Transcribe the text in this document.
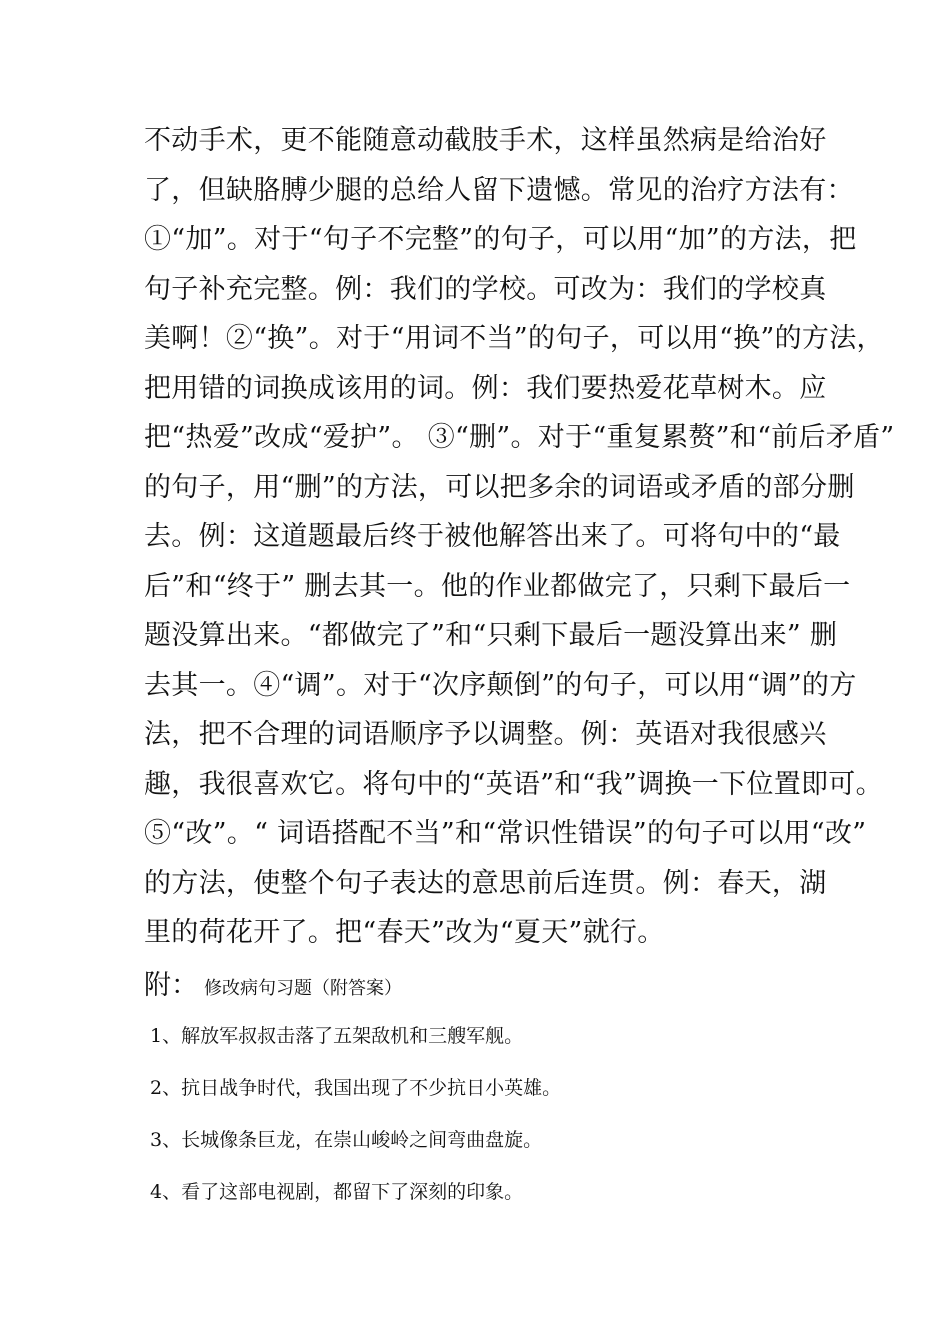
不动手术，更不能随意动截肢手术，这样虽然病是给治好
了，但缺胳膊少腿的总给人留下遗憾。常见的治疗方法有：
①“加”。对于“句子不完整”的句子，可以用“加”的方法，把
句子补充完整。例：我们的学校。可改为：我们的学校真
美啊！②“换”。对于“用词不当”的句子，可以用“换”的方法，
把用错的词换成该用的词。例：我们要热爱花草树木。应
把“热爱”改成“爱护”。 ③“删”。对于“重复累赘”和“前后矛盾”
的句子，用“删”的方法，可以把多余的词语或矛盾的部分删
去。例：这道题最后终于被他解答出来了。可将句中的“最
后”和“终于” 删去其一。他的作业都做完了，只剩下最后一
题没算出来。“都做完了”和“只剩下最后一题没算出来” 删
去其一。④“调”。对于“次序颠倒”的句子，可以用“调”的方
法，把不合理的词语顺序予以调整。例：英语对我很感兴
趣，我很喜欢它。将句中的“英语”和“我”调换一下位置即可。
⑤“改”。“ 词语搭配不当”和“常识性错误”的句子可以用“改”
的方法，使整个句子表达的意思前后连贯。例：春天，湖
里的荷花开了。把“春天”改为“夏天”就行。
附： 修改病句习题（附答案）
1、解放军叔叔击落了五架敌机和三艘军舰。
2、抗日战争时代，我国出现了不少抗日小英雄。
3、长城像条巨龙，在崇山峻岭之间弯曲盘旋。
4、看了这部电视剧，都留下了深刻的印象。
